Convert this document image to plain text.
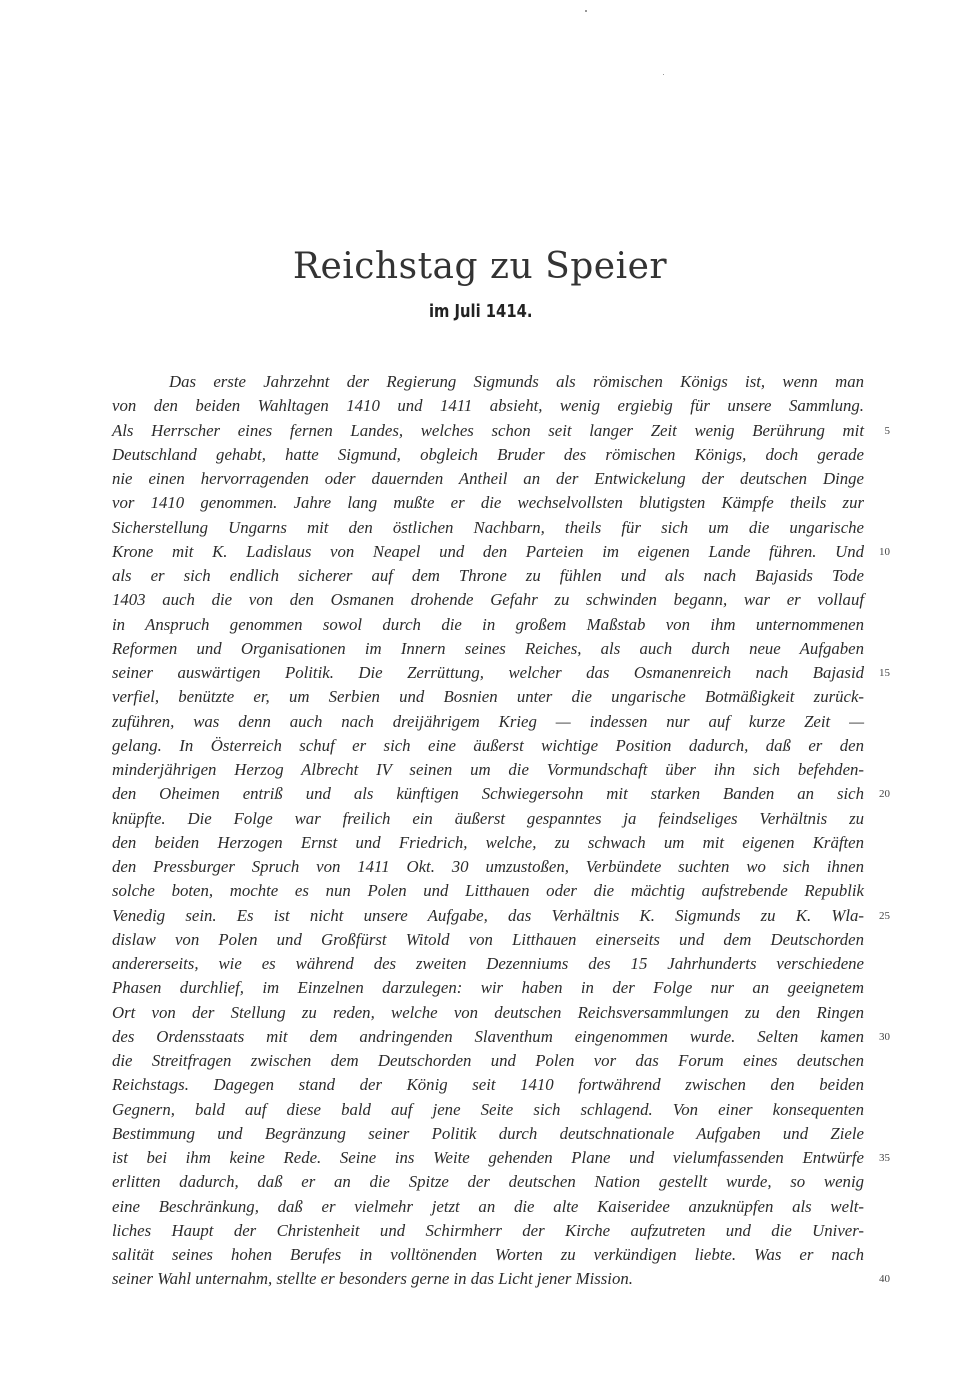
Reichstag zu Speier
im Juli 1414.
Das erste Jahrzehnt der Regierung Sigmunds als römischen Königs ist, wenn man
von den beiden Wahltagen 1410 und 1411 absieht, wenig ergiebig für unsere Sammlung.
Als Herrscher eines fernen Landes, welches schon seit langer Zeit wenig Berührung mit
Deutschland gehabt, hatte Sigmund, obgleich Bruder des römischen Königs, doch gerade
nie einen hervorragenden oder dauernden Antheil an der Entwickelung der deutschen Dinge
vor 1410 genommen. Jahre lang mußte er die wechselvollsten blutigsten Kämpfe theils zur
Sicherstellung Ungarns mit den östlichen Nachbarn, theils für sich um die ungarische
Krone mit K. Ladislaus von Neapel und den Parteien im eigenen Lande führen. Und
als er sich endlich sicherer auf dem Throne zu fühlen und als nach Bajasids Tode
1403 auch die von den Osmanen drohende Gefahr zu schwinden begann, war er vollauf
in Anspruch genommen sowol durch die in großem Maßstab von ihm unternommenen
Reformen und Organisationen im Innern seines Reiches, als auch durch neue Aufgaben
seiner auswärtigen Politik. Die Zerrüttung, welcher das Osmanenreich nach Bajasid
verfiel, benützte er, um Serbien und Bosnien unter die ungarische Botmäßigkeit zurück-
zuführen, was denn auch nach dreijährigem Krieg — indessen nur auf kurze Zeit —
gelang. In Österreich schuf er sich eine äußerst wichtige Position dadurch, daß er den
minderjährigen Herzog Albrecht IV seinen um die Vormundschaft über ihn sich befehden-
den Oheimen entriß und als künftigen Schwiegersohn mit starken Banden an sich
knüpfte. Die Folge war freilich ein äußerst gespanntes ja feindseliges Verhältnis zu
den beiden Herzogen Ernst und Friedrich, welche, zu schwach um mit eigenen Kräften
den Pressburger Spruch von 1411 Okt. 30 umzustoßen, Verbündete suchten wo sich ihnen
solche boten, mochte es nun Polen und Litthauen oder die mächtig aufstrebende Republik
Venedig sein. Es ist nicht unsere Aufgabe, das Verhältnis K. Sigmunds zu K. Wla-
dislaw von Polen und Großfürst Witold von Litthauen einerseits und dem Deutschorden
andererseits, wie es während des zweiten Dezenniums des 15 Jahrhunderts verschiedene
Phasen durchlief, im Einzelnen darzulegen: wir haben in der Folge nur an geeignetem
Ort von der Stellung zu reden, welche von deutschen Reichsversammlungen zu den Ringen
des Ordensstaats mit dem andringenden Slaventhum eingenommen wurde. Selten kamen
die Streitfragen zwischen dem Deutschorden und Polen vor das Forum eines deutschen
Reichstags. Dagegen stand der König seit 1410 fortwährend zwischen den beiden
Gegnern, bald auf diese bald auf jene Seite sich schlagend. Von einer konsequenten
Bestimmung und Begränzung seiner Politik durch deutschnationale Aufgaben und Ziele
ist bei ihm keine Rede. Seine ins Weite gehenden Plane und vielumfassenden Entwürfe
erlitten dadurch, daß er an die Spitze der deutschen Nation gestellt wurde, so wenig
eine Beschränkung, daß er vielmehr jetzt an die alte Kaiseridee anzuknüpfen als welt-
liches Haupt der Christenheit und Schirmherr der Kirche aufzutreten und die Univer-
salität seines hohen Berufes in volltönenden Worten zu verkündigen liebte. Was er nach
seiner Wahl unternahm, stellte er besonders gerne in das Licht jener Mission.
5
10
15
20
25
30
35
40
